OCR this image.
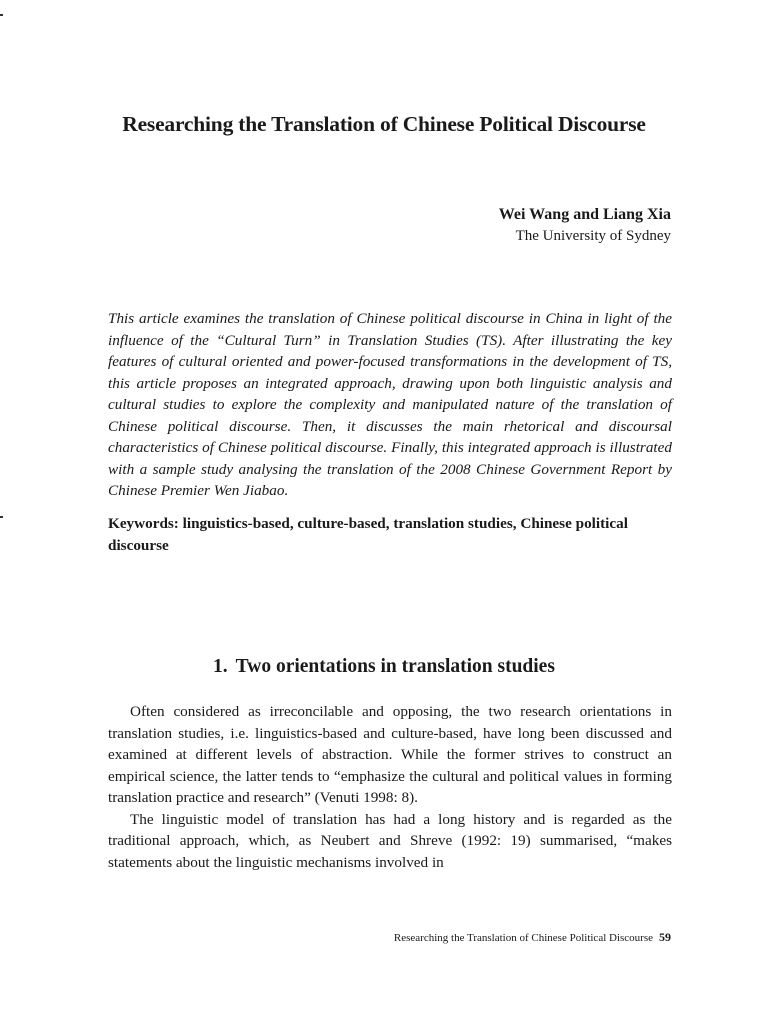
Researching the Translation of Chinese Political Discourse
Wei Wang and Liang Xia
The University of Sydney

This article examines the translation of Chinese political discourse in China in light of the influence of the “Cultural Turn” in Translation Studies (TS). After illustrating the key features of cultural oriented and power-focused transformations in the development of TS, this article proposes an integrated approach, drawing upon both linguistic analysis and cultural studies to explore the complexity and manipulated nature of the translation of Chinese political discourse. Then, it discusses the main rhetorical and discoursal characteristics of Chinese political discourse. Finally, this integrated approach is illustrated with a sample study analysing the translation of the 2008 Chinese Government Report by Chinese Premier Wen Jiabao.

Keywords: linguistics-based, culture-based, translation studies, Chinese political discourse

1. Two orientations in translation studies

Often considered as irreconcilable and opposing, the two research orientations in translation studies, i.e. linguistics-based and culture-based, have long been discussed and examined at different levels of abstraction. While the former strives to construct an empirical science, the latter tends to “emphasize the cultural and political values in forming translation practice and research” (Venuti 1998: 8).

The linguistic model of translation has had a long history and is regarded as the traditional approach, which, as Neubert and Shreve (1992: 19) summarised, “makes statements about the linguistic mechanisms involved in

Researching the Translation of Chinese Political Discourse 59
